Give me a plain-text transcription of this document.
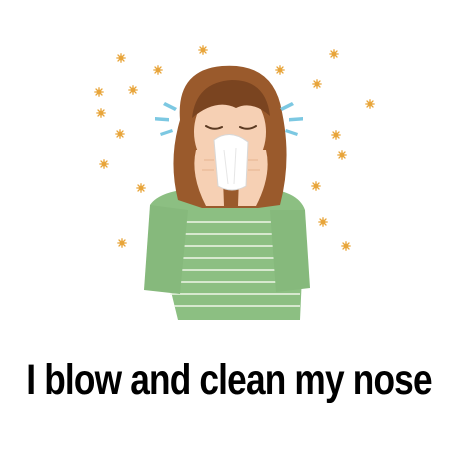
I blow and clean my nose
